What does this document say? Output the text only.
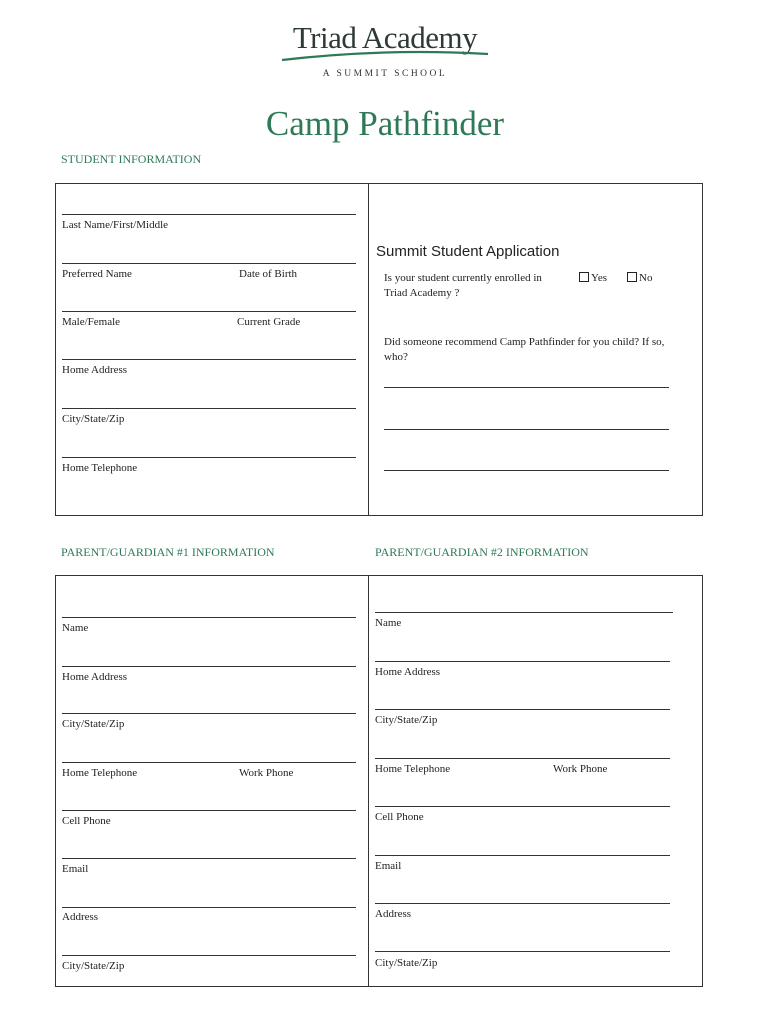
Triad Academy
A SUMMIT SCHOOL
Camp Pathfinder
STUDENT INFORMATION
Last Name/First/Middle
Preferred Name	Date of Birth
Male/Female	Current Grade
Home Address
City/State/Zip
Home Telephone
Summit Student Application
Is your student currently enrolled in Triad Academy ?
Yes	No
Did someone recommend Camp Pathfinder for you child? If so, who?
PARENT/GUARDIAN #1 INFORMATION	PARENT/GUARDIAN #2 INFORMATION
Name
Home Address
City/State/Zip
Home Telephone	Work Phone
Cell Phone
Email
Address
City/State/Zip
Name
Home Address
City/State/Zip
Home Telephone	Work Phone
Cell Phone
Email
Address
City/State/Zip
